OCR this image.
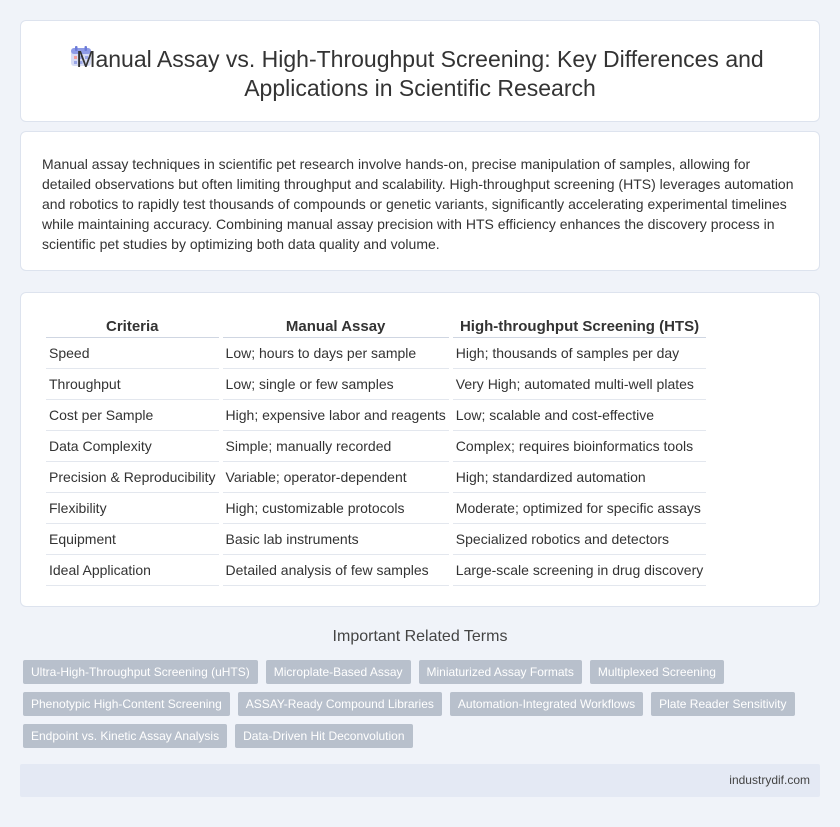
Manual Assay vs. High-Throughput Screening: Key Differences and Applications in Scientific Research

Manual assay techniques in scientific pet research involve hands-on, precise manipulation of samples, allowing for detailed observations but often limiting throughput and scalability. High-throughput screening (HTS) leverages automation and robotics to rapidly test thousands of compounds or genetic variants, significantly accelerating experimental timelines while maintaining accuracy. Combining manual assay precision with HTS efficiency enhances the discovery process in scientific pet studies by optimizing both data quality and volume.

Criteria	Manual Assay	High-throughput Screening (HTS)
Speed	Low; hours to days per sample	High; thousands of samples per day
Throughput	Low; single or few samples	Very High; automated multi-well plates
Cost per Sample	High; expensive labor and reagents	Low; scalable and cost-effective
Data Complexity	Simple; manually recorded	Complex; requires bioinformatics tools
Precision & Reproducibility	Variable; operator-dependent	High; standardized automation
Flexibility	High; customizable protocols	Moderate; optimized for specific assays
Equipment	Basic lab instruments	Specialized robotics and detectors
Ideal Application	Detailed analysis of few samples	Large-scale screening in drug discovery
Important Related Terms
Ultra-High-Throughput Screening (uHTS)	Microplate-Based Assay	Miniaturized Assay Formats	Multiplexed Screening
Phenotypic High-Content Screening	ASSAY-Ready Compound Libraries	Automation-Integrated Workflows	Plate Reader Sensitivity
Endpoint vs. Kinetic Assay Analysis	Data-Driven Hit Deconvolution
industrydif.com
